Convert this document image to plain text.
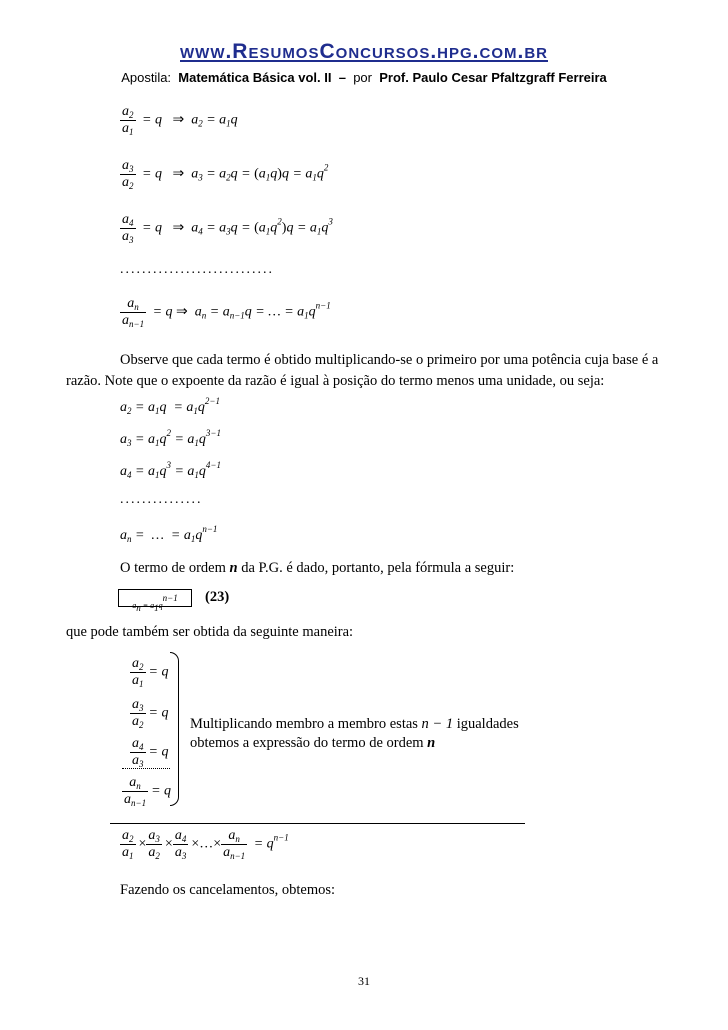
www.ResumosConcursos.hpg.com.br
Apostila: Matemática Básica vol. II – por Prof. Paulo Cesar Pfaltzgraff Ferreira
$\frac{a_2}{a_1} = q$ ⇒  $a_2 = a_1q$
$\frac{a_3}{a_2} = q$ ⇒  $a_3 = a_2q = (a_1q)q = a_1q^2$
$\frac{a_4}{a_3} = q$ ⇒  $a_4 = a_3q = (a_1q^2)q = a_1q^3$
............................
$\frac{a_n}{a_{n-1}} = q$ ⇒  $a_n = a_{n-1}q$ = … = $a_1q^{n-1}$
Observe que cada termo é obtido multiplicando-se o primeiro por uma potência cuja base é a
razão. Note que o expoente da razão é igual à posição do termo menos uma unidade, ou seja:
$a_2 = a_1q = a_1q^{2-1}$
$a_3 = a_1q^2 = a_1q^{3-1}$
$a_4 = a_1q^3 = a_1q^{4-1}$
...............
$a_n$ =  …  = $a_1q^{n-1}$
O termo de ordem n da P.G. é dado, portanto, pela fórmula a seguir:
$a_n = a_1q^{n-1}$	(23)
que pode também ser obtida da seguinte maneira:
$\frac{a_2}{a_1} = q$
$\frac{a_3}{a_2} = q$
$\frac{a_4}{a_3} = q$
$\frac{a_n}{a_{n-1}} = q$
Multiplicando membro a membro estas n − 1 igualdades
obtemos a expressão do termo de ordem n
$\frac{a_2}{a_1} \times \frac{a_3}{a_2} \times \frac{a_4}{a_3}$ ×…× $\frac{a_n}{a_{n-1}} = q^{n-1}$
Fazendo os cancelamentos, obtemos:
31
